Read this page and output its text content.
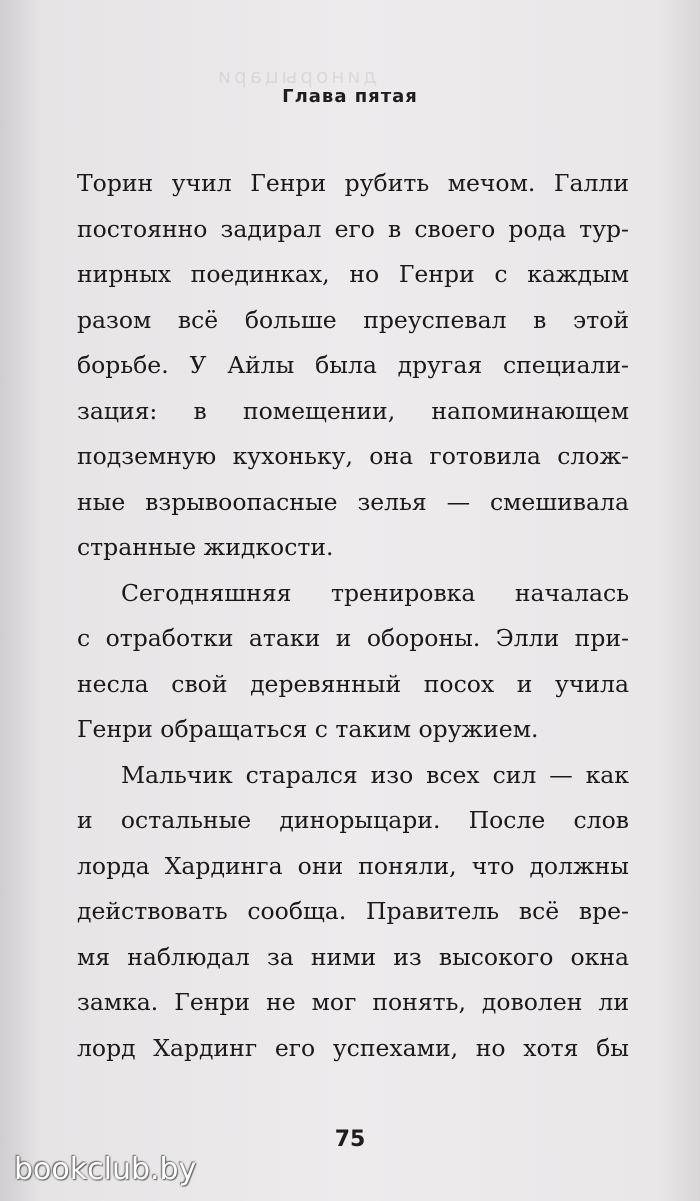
динорыцари
Глава пятая
Торин учил Генри рубить мечом. Галли
постоянно задирал его в своего рода тур-
нирных поединках, но Генри с каждым
разом всё больше преуспевал в этой
борьбе. У Айлы была другая специали-
зация: в помещении, напоминающем
подземную кухоньку, она готовила слож-
ные взрывоопасные зелья — смешивала
странные жидкости.
Сегодняшняя тренировка началась
с отработки атаки и обороны. Элли при-
несла свой деревянный посох и учила
Генри обращаться с таким оружием.
Мальчик старался изо всех сил — как
и остальные динорыцари. После слов
лорда Хардинга они поняли, что должны
действовать сообща. Правитель всё вре-
мя наблюдал за ними из высокого окна
замка. Генри не мог понять, доволен ли
лорд Хардинг его успехами, но хотя бы
75
bookclub.by
